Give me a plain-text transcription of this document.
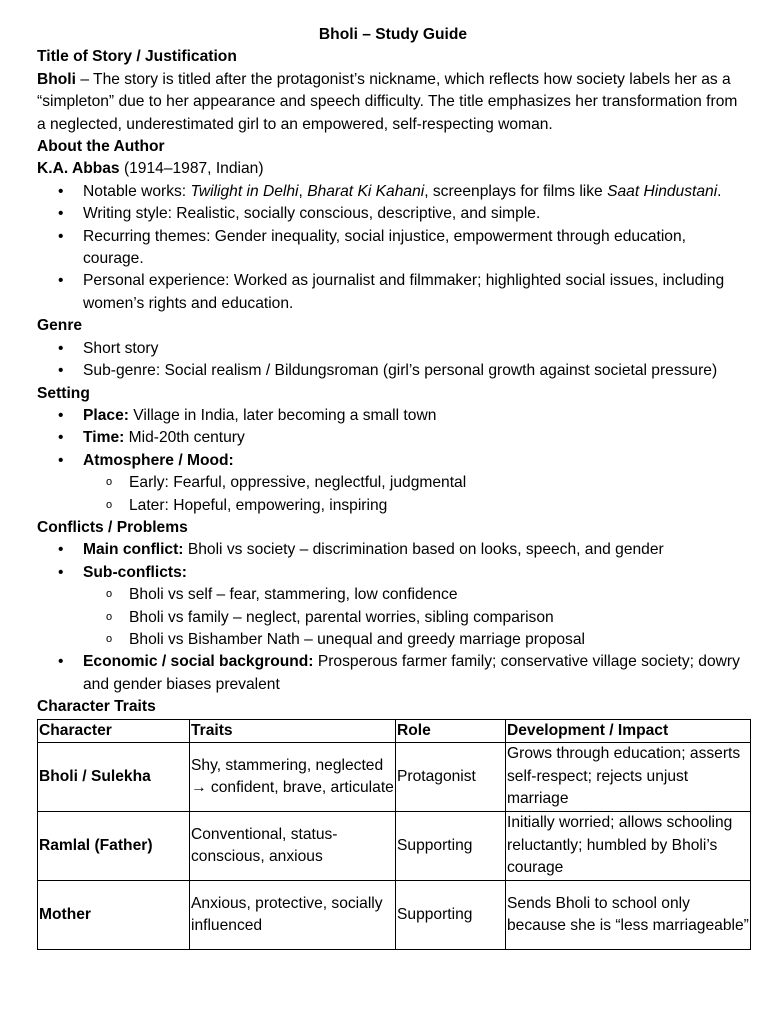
Bholi – Study Guide

Title of Story / Justification

Bholi – The story is titled after the protagonist’s nickname, which reflects how society labels her as a “simpleton” due to her appearance and speech difficulty. The title emphasizes her transformation from a neglected, underestimated girl to an empowered, self-respecting woman.

About the Author

K.A. Abbas (1914–1987, Indian)

• Notable works: Twilight in Delhi, Bharat Ki Kahani, screenplays for films like Saat Hindustani.
• Writing style: Realistic, socially conscious, descriptive, and simple.
• Recurring themes: Gender inequality, social injustice, empowerment through education, courage.
• Personal experience: Worked as journalist and filmmaker; highlighted social issues, including women’s rights and education.

Genre

• Short story
• Sub-genre: Social realism / Bildungsroman (girl’s personal growth against societal pressure)

Setting

• Place: Village in India, later becoming a small town
• Time: Mid-20th century
• Atmosphere / Mood:
o Early: Fearful, oppressive, neglectful, judgmental
o Later: Hopeful, empowering, inspiring

Conflicts / Problems

• Main conflict: Bholi vs society – discrimination based on looks, speech, and gender
• Sub-conflicts:
o Bholi vs self – fear, stammering, low confidence
o Bholi vs family – neglect, parental worries, sibling comparison
o Bholi vs Bishamber Nath – unequal and greedy marriage proposal
• Economic / social background: Prosperous farmer family; conservative village society; dowry and gender biases prevalent

Character Traits

Character	Traits	Role	Development / Impact
Bholi / Sulekha	Shy, stammering, neglected → confident, brave, articulate	Protagonist	Grows through education; asserts self-respect; rejects unjust marriage
Ramlal (Father)	Conventional, status-conscious, anxious	Supporting	Initially worried; allows schooling reluctantly; humbled by Bholi’s courage
Mother	Anxious, protective, socially influenced	Supporting	Sends Bholi to school only because she is “less marriageable”
